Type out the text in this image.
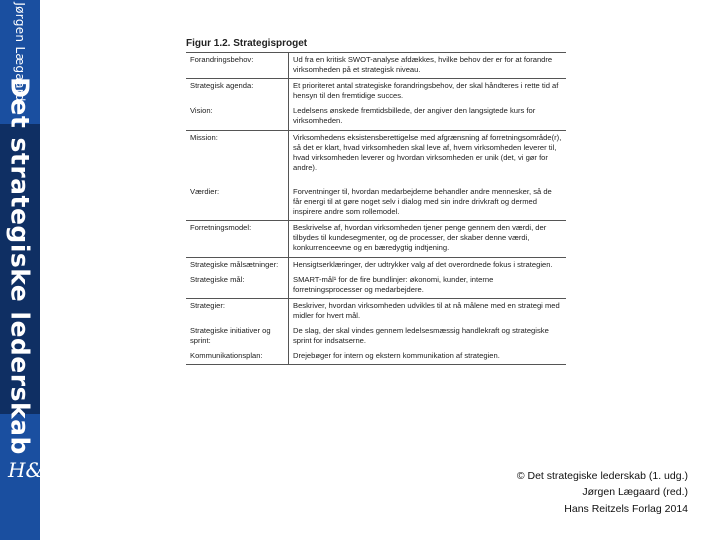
Jørgen Lægaard
Det strategiske lederskab
H&R
Figur 1.2. Strategisproget
Forandringsbehov:	Ud fra en kritisk SWOT-analyse afdækkes, hvilke behov der er for at forandre virksomheden på et strategisk niveau.
Strategisk agenda:	Et prioriteret antal strategiske forandringsbehov, der skal håndteres i rette tid af hensyn til den fremtidige succes.
Vision:	Ledelsens ønskede fremtidsbillede, der angiver den langsigtede kurs for virksomheden.
Mission:	Virksomhedens eksistensberettigelse med afgrænsning af forretningsområde(r), så det er klart, hvad virksomheden skal leve af, hvem virksomheden leverer til, hvad virksomheden leverer og hvordan virksomheden er unik (det, vi gør for andre).
Værdier:	Forventninger til, hvordan medarbejderne behandler andre mennesker, så de får energi til at gøre noget selv i dialog med sin indre drivkraft og dermed inspirere andre som rollemodel.
Forretningsmodel:	Beskrivelse af, hvordan virksomheden tjener penge gennem den værdi, der tilbydes til kundesegmenter, og de processer, der skaber denne værdi, konkurrenceevne og en bæredygtig indtjening.
Strategiske målsætninger:	Hensigtserklæringer, der udtrykker valg af det overordnede fokus i strategien.
Strategiske mål:	SMART-mål¹ for de fire bundlinjer: økonomi, kunder, interne forretningsprocesser og medarbejdere.
Strategier:	Beskriver, hvordan virksomheden udvikles til at nå målene med en strategi med midler for hvert mål.
Strategiske initiativer og sprint:	De slag, der skal vindes gennem ledelsesmæssig handlekraft og strategiske sprint for indsatserne.
Kommunikationsplan:	Drejebøger for intern og ekstern kommunikation af strategien.
© Det strategiske lederskab (1. udg.)
Jørgen Lægaard (red.)
Hans Reitzels Forlag 2014
